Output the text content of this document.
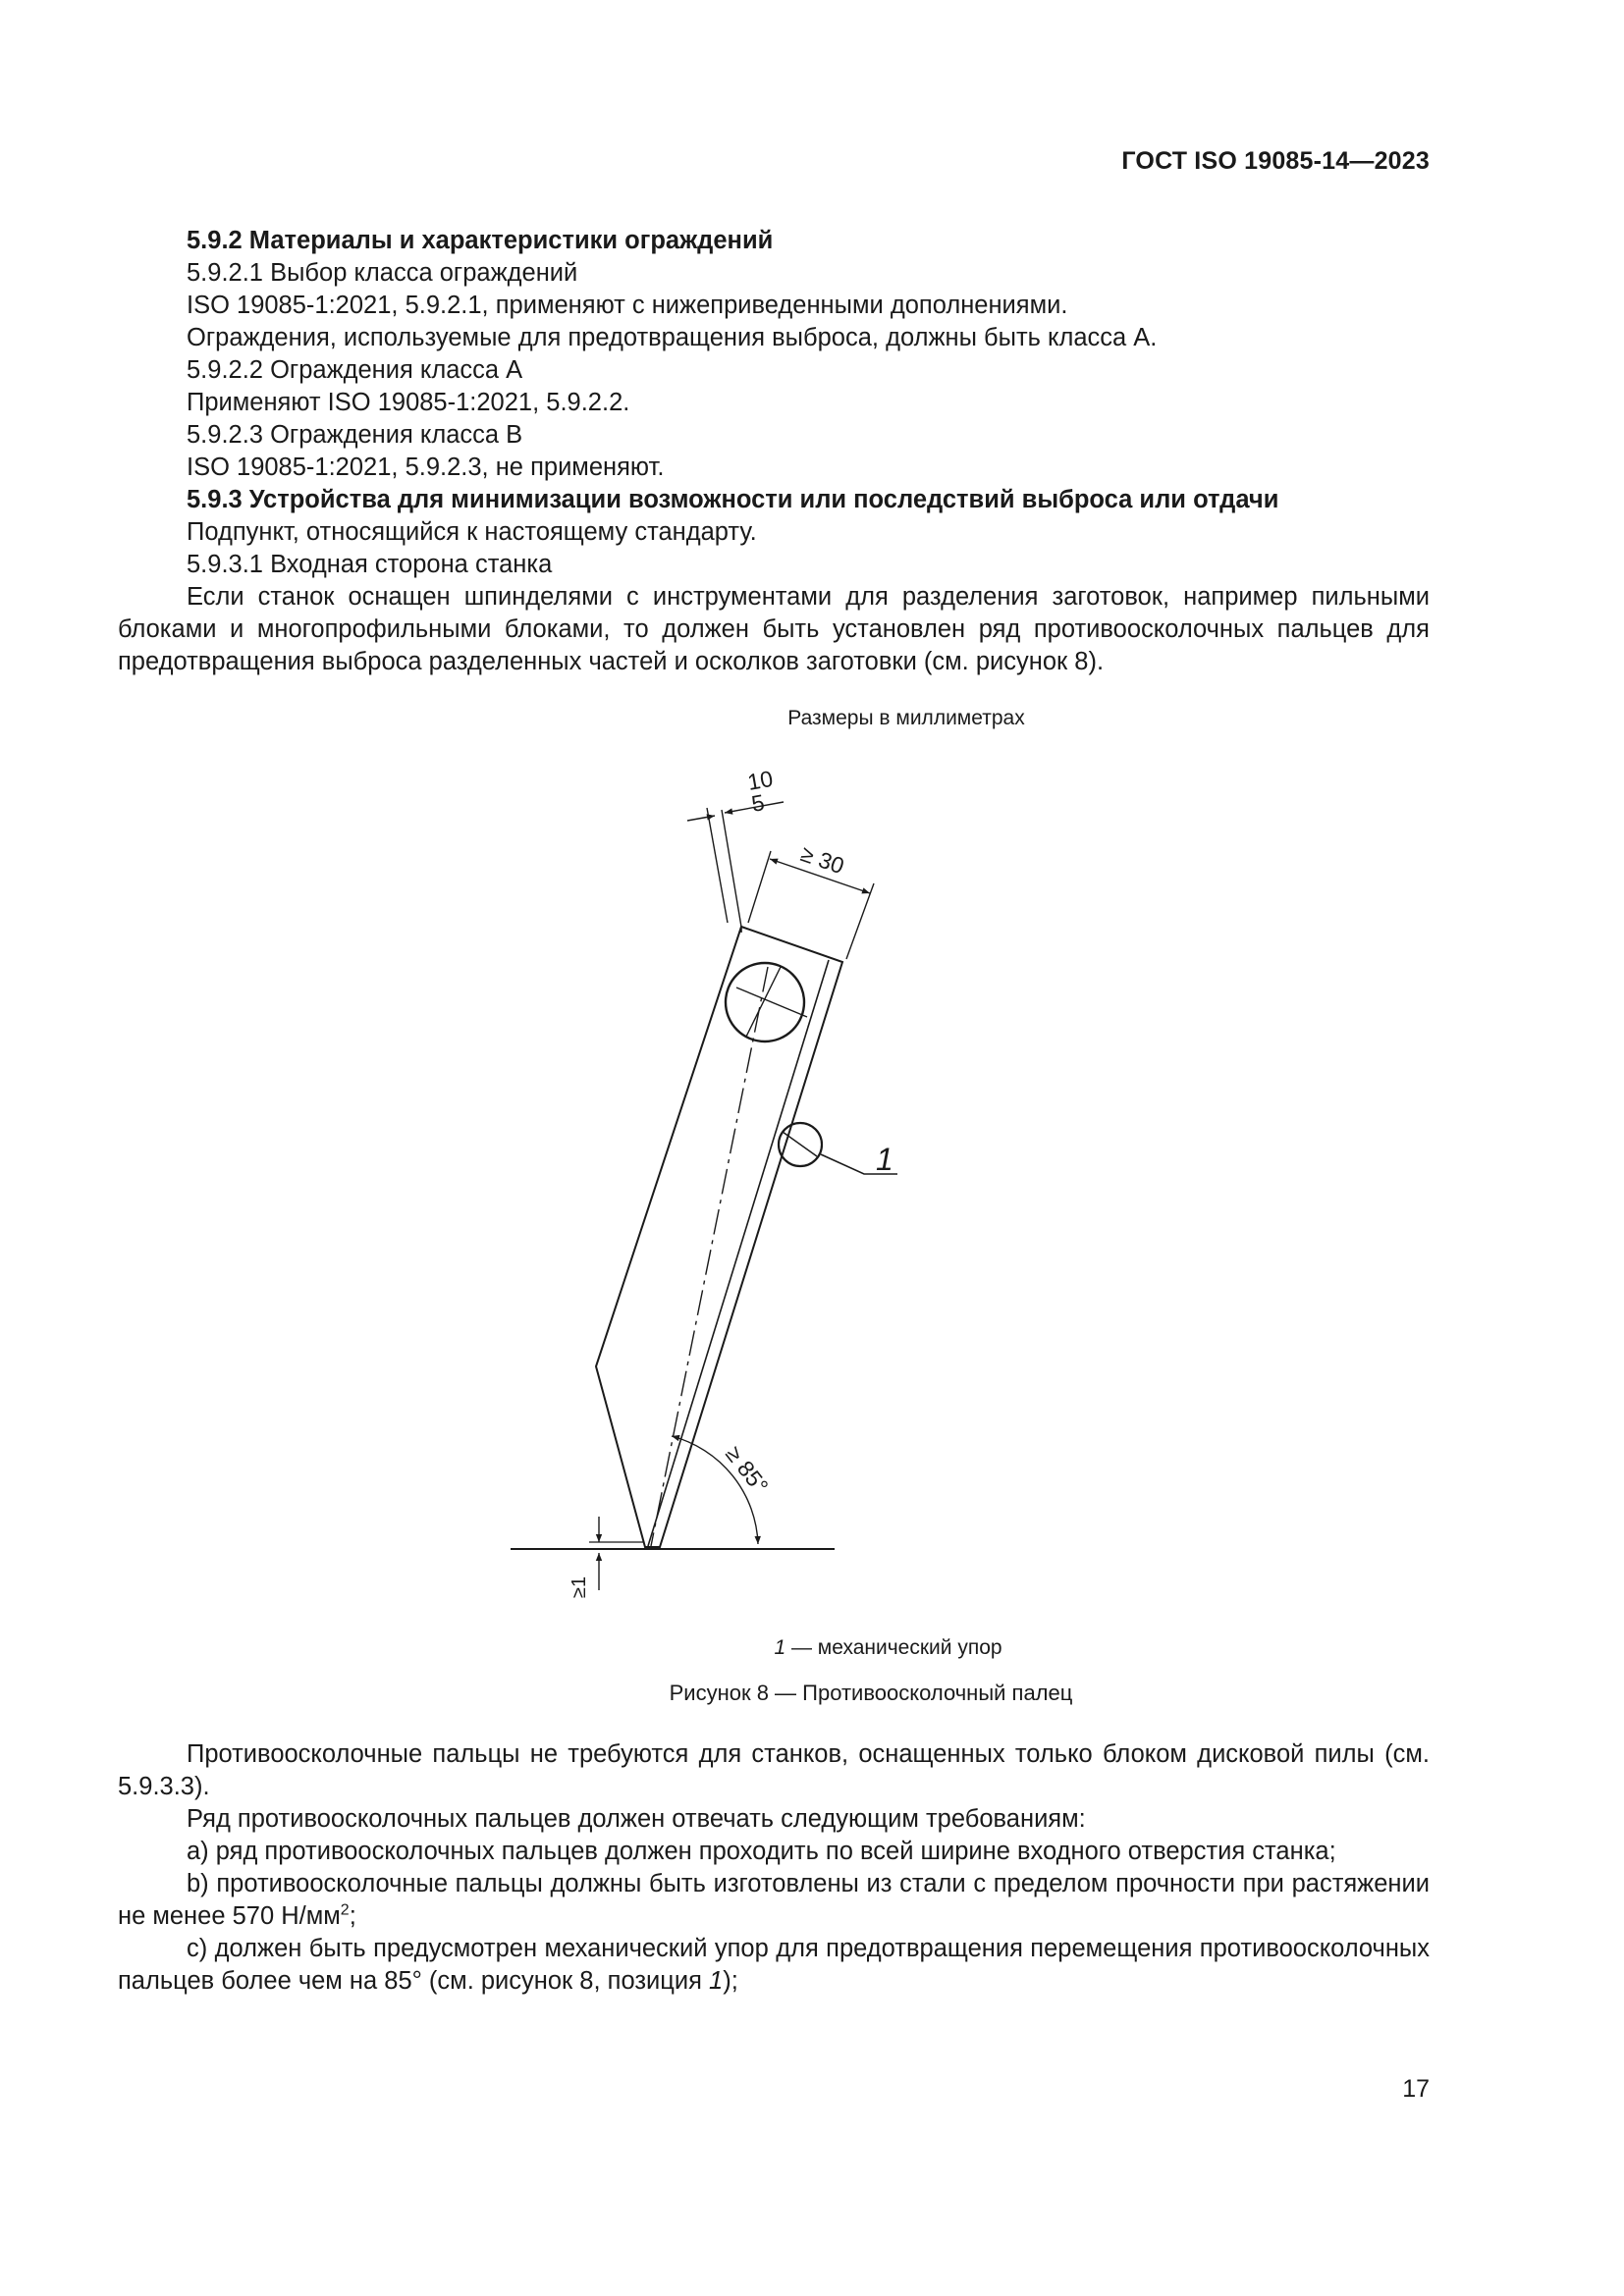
ГОСТ ISO 19085-14—2023
5.9.2 Материалы и характеристики ограждений
5.9.2.1 Выбор класса ограждений
ISO 19085-1:2021, 5.9.2.1, применяют с нижеприведенными дополнениями.
Ограждения, используемые для предотвращения выброса, должны быть класса А.
5.9.2.2 Ограждения класса А
Применяют ISO 19085-1:2021, 5.9.2.2.
5.9.2.3 Ограждения класса В
ISO 19085-1:2021, 5.9.2.3, не применяют.
5.9.3 Устройства для минимизации возможности или последствий выброса или отдачи
Подпункт, относящийся к настоящему стандарту.
5.9.3.1 Входная сторона станка
Если станок оснащен шпинделями с инструментами для разделения заготовок, например пильными блоками и многопрофильными блоками, то должен быть установлен ряд противоосколочных пальцев для предотвращения выброса разделенных частей и осколков заготовки (см. рисунок 8).
Размеры в миллиметрах
10
5
≥ 30
≥ 85°
≥1
1
1 — механический упор
Рисунок 8 — Противоосколочный палец
Противоосколочные пальцы не требуются для станков, оснащенных только блоком дисковой пилы (см. 5.9.3.3).
Ряд противоосколочных пальцев должен отвечать следующим требованиям:
a) ряд противоосколочных пальцев должен проходить по всей ширине входного отверстия станка;
b) противоосколочные пальцы должны быть изготовлены из стали с пределом прочности при растяжении не менее 570 $Н/мм^2$;
c) должен быть предусмотрен механический упор для предотвращения перемещения противоосколочных пальцев более чем на 85° (см. рисунок 8, позиция 1);
17
